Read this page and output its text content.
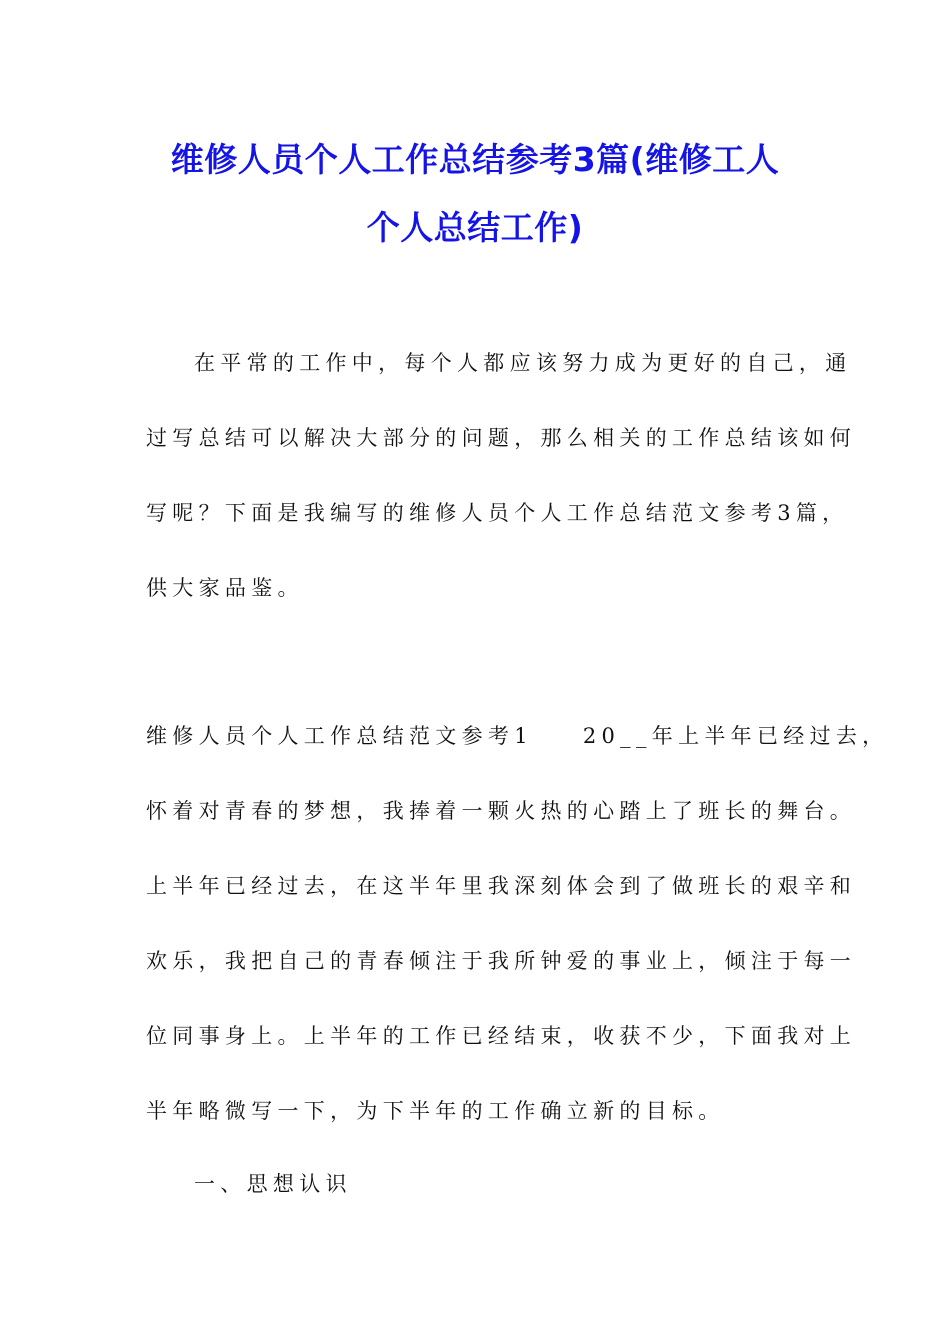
维修人员个人工作总结参考3篇(维修工人
个人总结工作)
在平常的工作中，每个人都应该努力成为更好的自己，通
过写总结可以解决大部分的问题，那么相关的工作总结该如何
写呢？下面是我编写的维修人员个人工作总结范文参考3篇，
供大家品鉴。
维修人员个人工作总结范文参考1 20__年上半年已经过去，
怀着对青春的梦想，我捧着一颗火热的心踏上了班长的舞台。
上半年已经过去，在这半年里我深刻体会到了做班长的艰辛和
欢乐，我把自己的青春倾注于我所钟爱的事业上，倾注于每一
位同事身上。上半年的工作已经结束，收获不少，下面我对上
半年略微写一下，为下半年的工作确立新的目标。
一、思想认识
